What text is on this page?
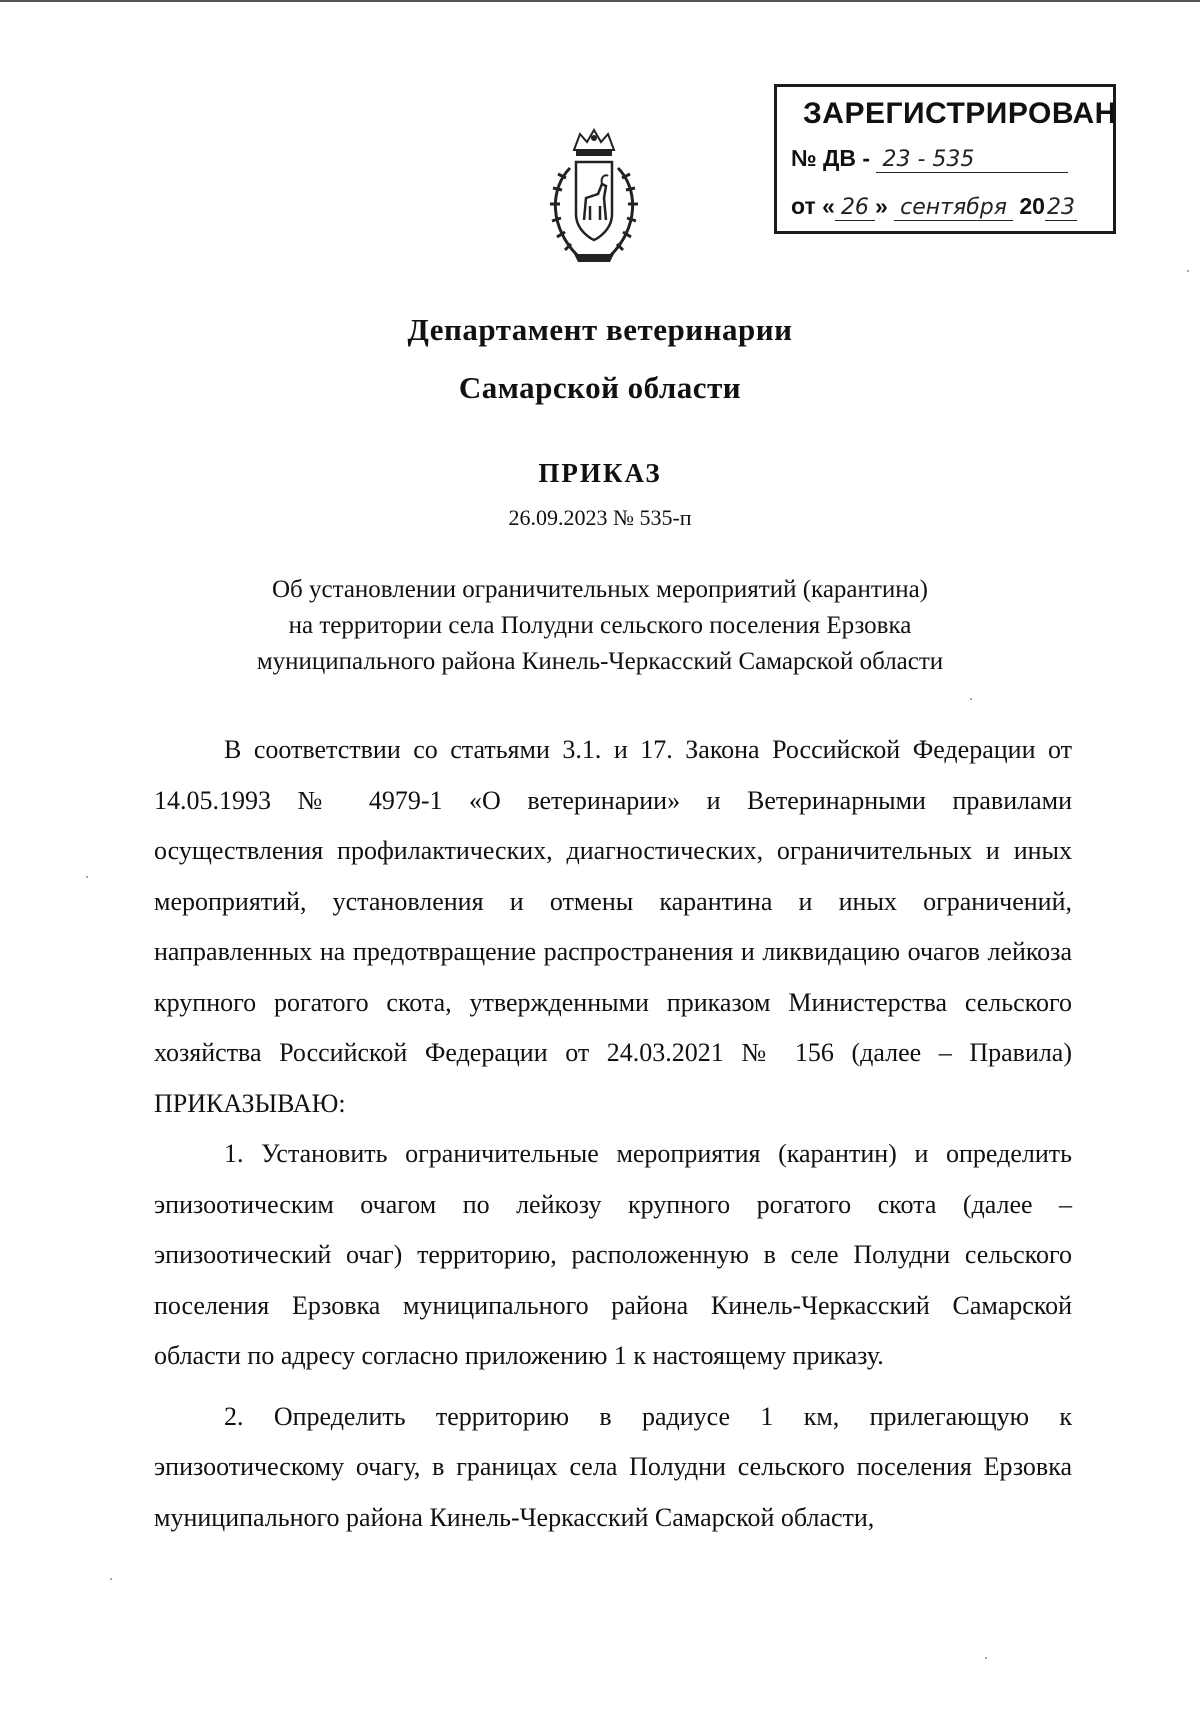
ЗАРЕГИСТРИРОВАН
№ ДВ - 23 - 535
от « 26 » сентября 2023
Департамент ветеринарии
Самарской области
ПРИКАЗ
26.09.2023 № 535-п
Об установлении ограничительных мероприятий (карантина)
на территории села Полудни сельского поселения Ерзовка
муниципального района Кинель-Черкасский Самарской области

В соответствии со статьями 3.1. и 17. Закона Российской Федерации от 14.05.1993 № 4979-1 «О ветеринарии» и Ветеринарными правилами осуществления профилактических, диагностических, ограничительных и иных мероприятий, установления и отмены карантина и иных ограничений, направленных на предотвращение распространения и ликвидацию очагов лейкоза крупного рогатого скота, утвержденными приказом Министерства сельского хозяйства Российской Федерации от 24.03.2021 № 156 (далее – Правила) ПРИКАЗЫВАЮ:

1. Установить ограничительные мероприятия (карантин) и определить эпизоотическим очагом по лейкозу крупного рогатого скота (далее – эпизоотический очаг) территорию, расположенную в селе Полудни сельского поселения Ерзовка муниципального района Кинель-Черкасский Самарской области по адресу согласно приложению 1 к настоящему приказу.

2. Определить территорию в радиусе 1 км, прилегающую к эпизоотическому очагу, в границах села Полудни сельского поселения Ерзовка муниципального района Кинель-Черкасский Самарской области,
